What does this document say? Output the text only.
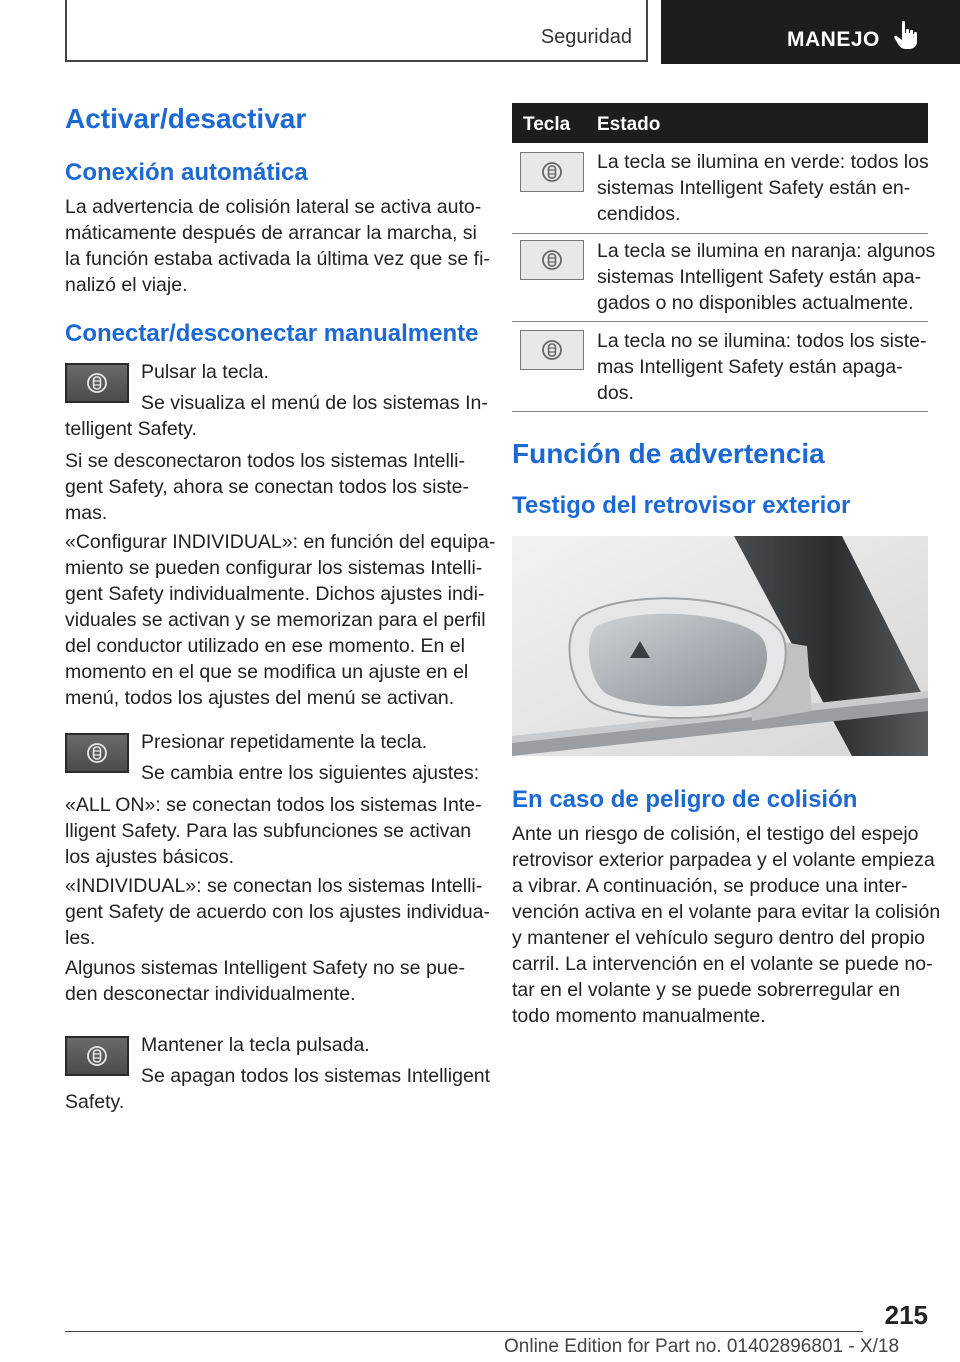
Seguridad	MANEJO
Activar/desactivar
Conexión automática
La advertencia de colisión lateral se activa auto-
máticamente después de arrancar la marcha, si
la función estaba activada la última vez que se fi-
nalizó el viaje.
Conectar/desconectar manualmente
Pulsar la tecla.
Se visualiza el menú de los sistemas In-
telligent Safety.
Si se desconectaron todos los sistemas Intelli-
gent Safety, ahora se conectan todos los siste-
mas.
«Configurar INDIVIDUAL»: en función del equipa-
miento se pueden configurar los sistemas Intelli-
gent Safety individualmente. Dichos ajustes indi-
viduales se activan y se memorizan para el perfil
del conductor utilizado en ese momento. En el
momento en el que se modifica un ajuste en el
menú, todos los ajustes del menú se activan.
Presionar repetidamente la tecla.
Se cambia entre los siguientes ajustes:
«ALL ON»: se conectan todos los sistemas Inte-
lligent Safety. Para las subfunciones se activan
los ajustes básicos.
«INDIVIDUAL»: se conectan los sistemas Intelli-
gent Safety de acuerdo con los ajustes individua-
les.
Algunos sistemas Intelligent Safety no se pue-
den desconectar individualmente.
Mantener la tecla pulsada.
Se apagan todos los sistemas Intelligent
Safety.
Tecla Estado
La tecla se ilumina en verde: todos los
sistemas Intelligent Safety están en-
cendidos.
La tecla se ilumina en naranja: algunos
sistemas Intelligent Safety están apa-
gados o no disponibles actualmente.
La tecla no se ilumina: todos los siste-
mas Intelligent Safety están apaga-
dos.
Función de advertencia
Testigo del retrovisor exterior
En caso de peligro de colisión
Ante un riesgo de colisión, el testigo del espejo
retrovisor exterior parpadea y el volante empieza
a vibrar. A continuación, se produce una inter-
vención activa en el volante para evitar la colisión
y mantener el vehículo seguro dentro del propio
carril. La intervención en el volante se puede no-
tar en el volante y se puede sobrerregular en
todo momento manualmente.
215
Online Edition for Part no. 01402896801 - X/18
